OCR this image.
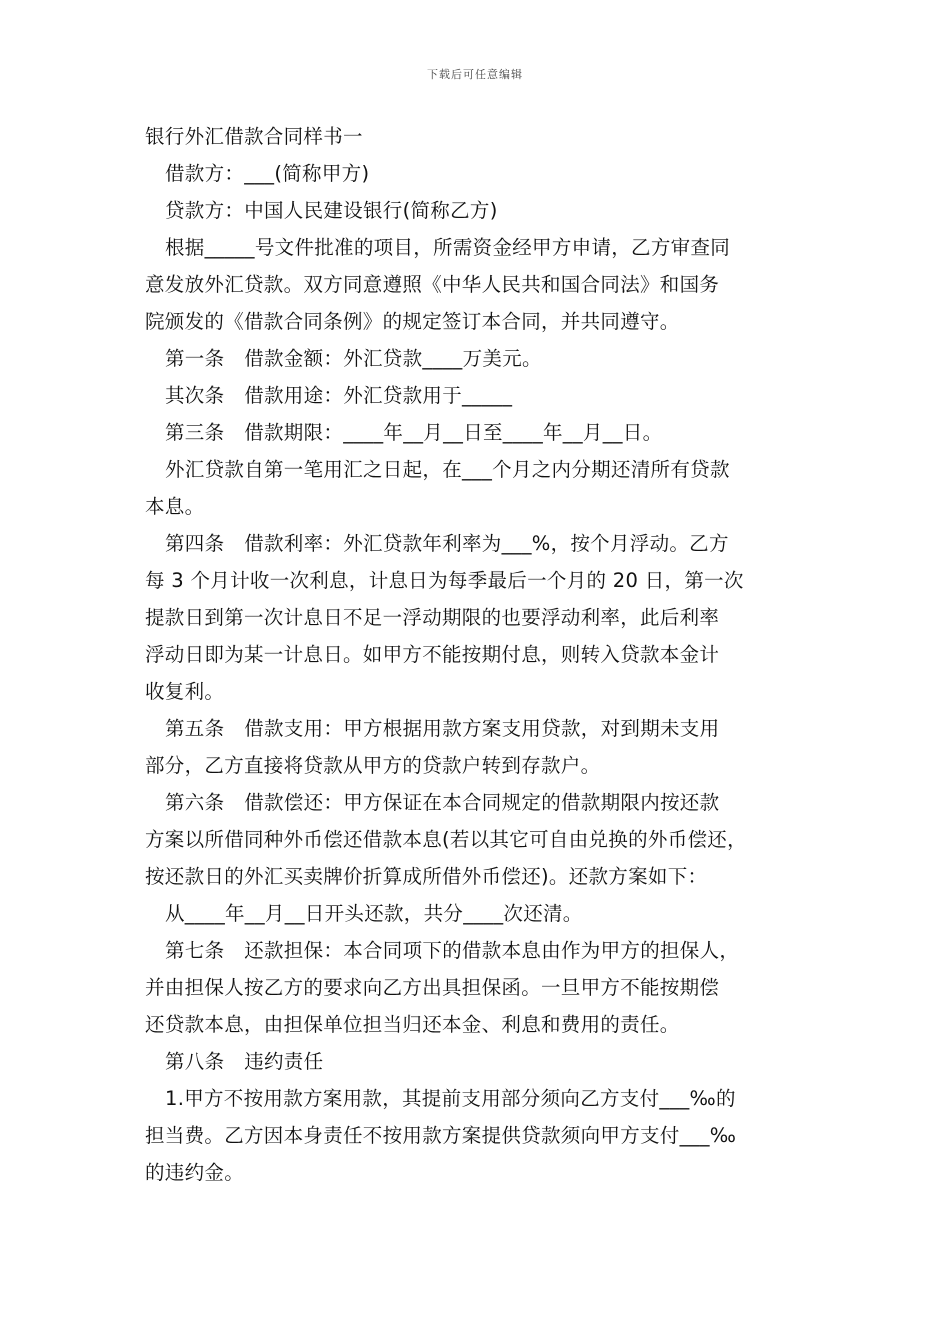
下载后可任意编辑
银行外汇借款合同样书一
借款方：___(简称甲方)
贷款方：中国人民建设银行(简称乙方)
根据_____号文件批准的项目，所需资金经甲方申请，乙方审查同
意发放外汇贷款。双方同意遵照《中华人民共和国合同法》和国务
院颁发的《借款合同条例》的规定签订本合同，并共同遵守。
第一条　借款金额：外汇贷款____万美元。
其次条　借款用途：外汇贷款用于_____
第三条　借款期限：____年__月__日至____年__月__日。
外汇贷款自第一笔用汇之日起，在___个月之内分期还清所有贷款
本息。
第四条　借款利率：外汇贷款年利率为___%，按个月浮动。乙方
每 3 个月计收一次利息，计息日为每季最后一个月的 20 日，第一次
提款日到第一次计息日不足一浮动期限的也要浮动利率，此后利率
浮动日即为某一计息日。如甲方不能按期付息，则转入贷款本金计
收复利。
第五条　借款支用：甲方根据用款方案支用贷款，对到期未支用
部分，乙方直接将贷款从甲方的贷款户转到存款户。
第六条　借款偿还：甲方保证在本合同规定的借款期限内按还款
方案以所借同种外币偿还借款本息(若以其它可自由兑换的外币偿还，
按还款日的外汇买卖牌价折算成所借外币偿还)。还款方案如下：
从____年__月__日开头还款，共分____次还清。
第七条　还款担保：本合同项下的借款本息由作为甲方的担保人，
并由担保人按乙方的要求向乙方出具担保函。一旦甲方不能按期偿
还贷款本息，由担保单位担当归还本金、利息和费用的责任。
第八条　违约责任
1.甲方不按用款方案用款，其提前支用部分须向乙方支付___‰的
担当费。乙方因本身责任不按用款方案提供贷款须向甲方支付___‰
的违约金。
